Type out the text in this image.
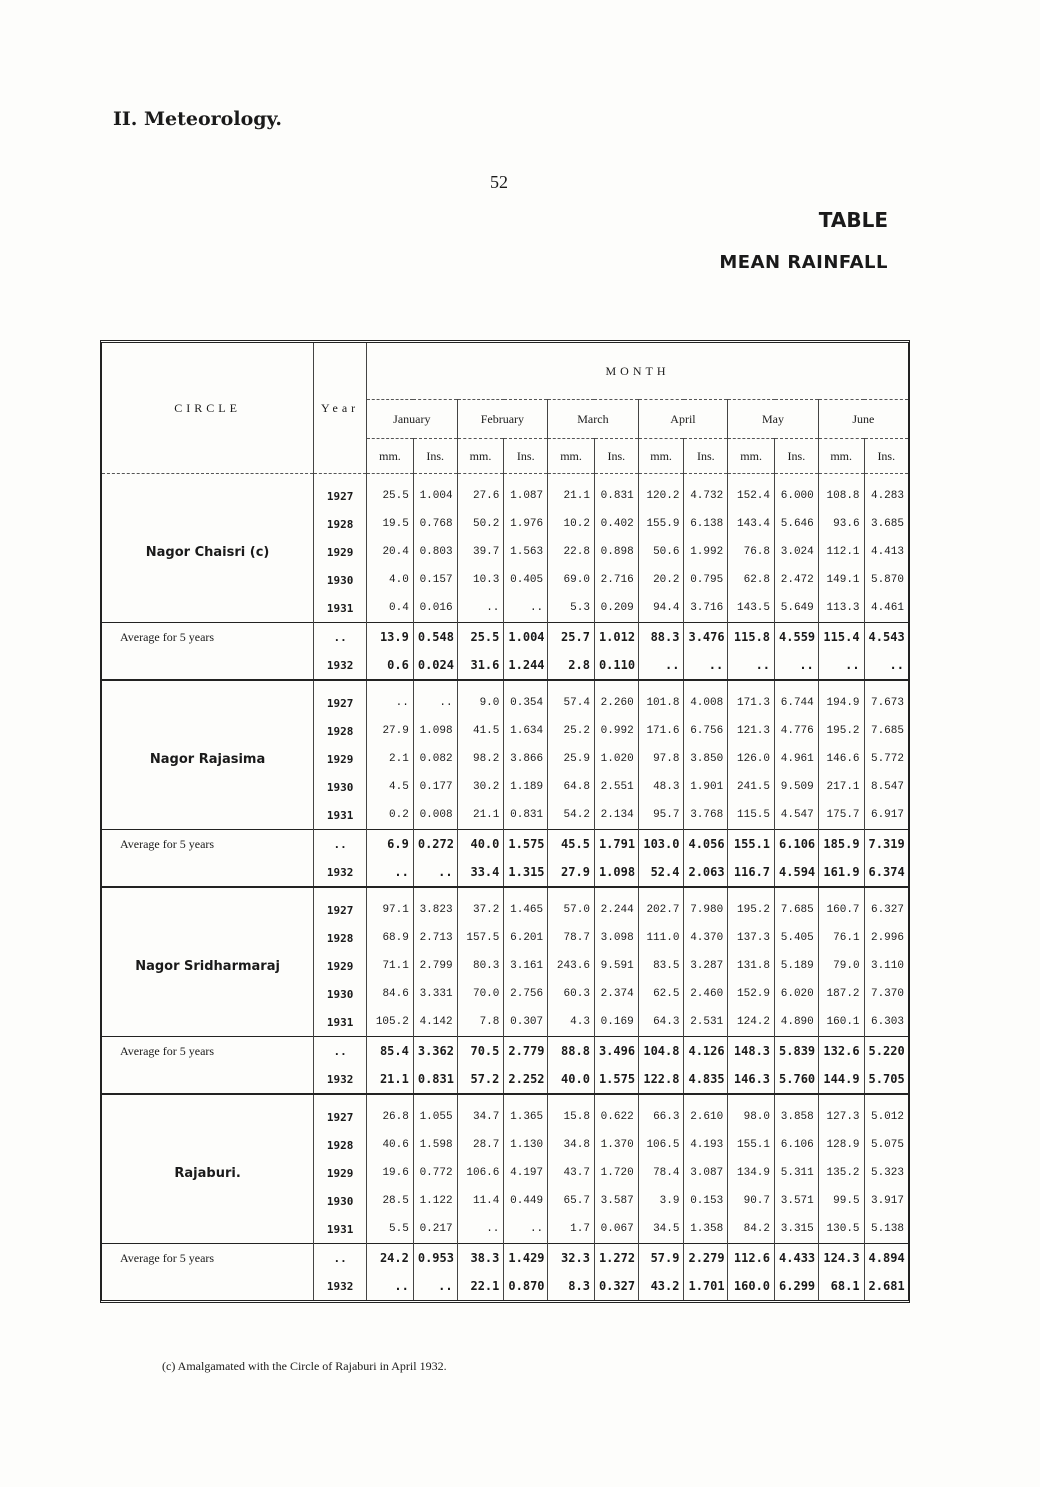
II. Meteorology.
52
TABLE
MEAN RAINFALL
CIRCLE	Year	MONTH											
		January		February		March		April		May		June	
		mm.	Ins.	mm.	Ins.	mm.	Ins.	mm.	Ins.	mm.	Ins.	mm.	Ins.
Nagor Chaisri (c)	1927	25.5	1.004	27.6	1.087	21.1	0.831	120.2	4.732	152.4	6.000	108.8	4.283
	1928	19.5	0.768	50.2	1.976	10.2	0.402	155.9	6.138	143.4	5.646	93.6	3.685
	1929	20.4	0.803	39.7	1.563	22.8	0.898	50.6	1.992	76.8	3.024	112.1	4.413
	1930	4.0	0.157	10.3	0.405	69.0	2.716	20.2	0.795	62.8	2.472	149.1	5.870
	1931	0.4	0.016	..	..	5.3	0.209	94.4	3.716	143.5	5.649	113.3	4.461
Average for 5 years	..	13.9	0.548	25.5	1.004	25.7	1.012	88.3	3.476	115.8	4.559	115.4	4.543
	1932	0.6	0.024	31.6	1.244	2.8	0.110	..	..	..	..	..	..
Nagor Rajasima	1927	..	..	9.0	0.354	57.4	2.260	101.8	4.008	171.3	6.744	194.9	7.673
	1928	27.9	1.098	41.5	1.634	25.2	0.992	171.6	6.756	121.3	4.776	195.2	7.685
	1929	2.1	0.082	98.2	3.866	25.9	1.020	97.8	3.850	126.0	4.961	146.6	5.772
	1930	4.5	0.177	30.2	1.189	64.8	2.551	48.3	1.901	241.5	9.509	217.1	8.547
	1931	0.2	0.008	21.1	0.831	54.2	2.134	95.7	3.768	115.5	4.547	175.7	6.917
Average for 5 years	..	6.9	0.272	40.0	1.575	45.5	1.791	103.0	4.056	155.1	6.106	185.9	7.319
	1932	..	..	33.4	1.315	27.9	1.098	52.4	2.063	116.7	4.594	161.9	6.374
Nagor Sridharmaraj	1927	97.1	3.823	37.2	1.465	57.0	2.244	202.7	7.980	195.2	7.685	160.7	6.327
	1928	68.9	2.713	157.5	6.201	78.7	3.098	111.0	4.370	137.3	5.405	76.1	2.996
	1929	71.1	2.799	80.3	3.161	243.6	9.591	83.5	3.287	131.8	5.189	79.0	3.110
	1930	84.6	3.331	70.0	2.756	60.3	2.374	62.5	2.460	152.9	6.020	187.2	7.370
	1931	105.2	4.142	7.8	0.307	4.3	0.169	64.3	2.531	124.2	4.890	160.1	6.303
Average for 5 years	..	85.4	3.362	70.5	2.779	88.8	3.496	104.8	4.126	148.3	5.839	132.6	5.220
	1932	21.1	0.831	57.2	2.252	40.0	1.575	122.8	4.835	146.3	5.760	144.9	5.705
Rajaburi.	1927	26.8	1.055	34.7	1.365	15.8	0.622	66.3	2.610	98.0	3.858	127.3	5.012
	1928	40.6	1.598	28.7	1.130	34.8	1.370	106.5	4.193	155.1	6.106	128.9	5.075
	1929	19.6	0.772	106.6	4.197	43.7	1.720	78.4	3.087	134.9	5.311	135.2	5.323
	1930	28.5	1.122	11.4	0.449	65.7	3.587	3.9	0.153	90.7	3.571	99.5	3.917
	1931	5.5	0.217	..	..	1.7	0.067	34.5	1.358	84.2	3.315	130.5	5.138
Average for 5 years	..	24.2	0.953	38.3	1.429	32.3	1.272	57.9	2.279	112.6	4.433	124.3	4.894
	1932	..	..	22.1	0.870	8.3	0.327	43.2	1.701	160.0	6.299	68.1	2.681
(c) Amalgamated with the Circle of Rajaburi in April 1932.
